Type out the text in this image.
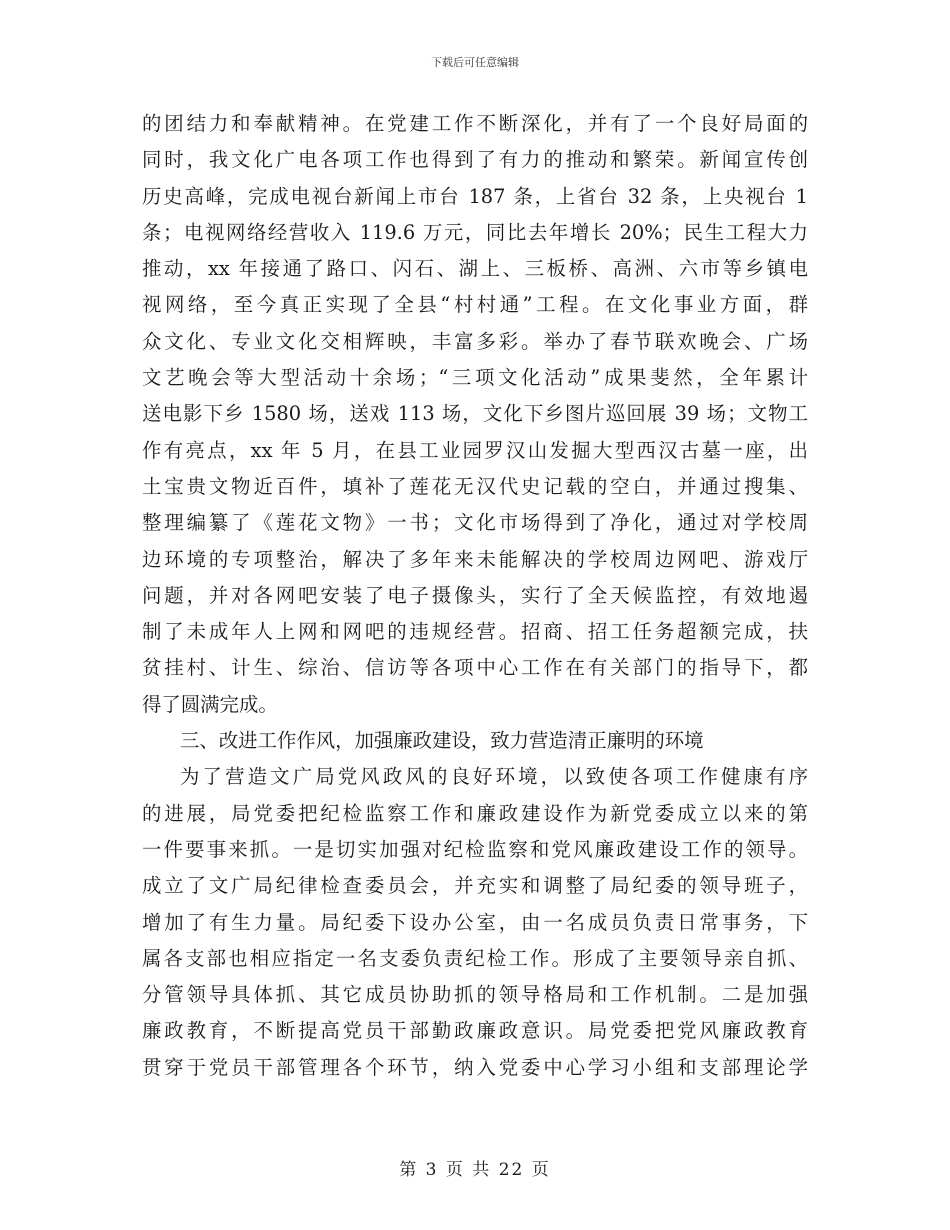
下载后可任意编辑
的团结力和奉献精神。在党建工作不断深化，并有了一个良好局面的
同时，我文化广电各项工作也得到了有力的推动和繁荣。新闻宣传创
历史高峰，完成电视台新闻上市台 187 条，上省台 32 条，上央视台 1
条；电视网络经营收入 119.6 万元，同比去年增长 20%；民生工程大力
推动，xx 年接通了路口、闪石、湖上、三板桥、高洲、六市等乡镇电
视网络，至今真正实现了全县“村村通”工程。在文化事业方面，群
众文化、专业文化交相辉映，丰富多彩。举办了春节联欢晚会、广场
文艺晚会等大型活动十余场；“三项文化活动”成果斐然，全年累计
送电影下乡 1580 场，送戏 113 场，文化下乡图片巡回展 39 场；文物工
作有亮点，xx 年 5 月，在县工业园罗汉山发掘大型西汉古墓一座，出
土宝贵文物近百件，填补了莲花无汉代史记载的空白，并通过搜集、
整理编纂了《莲花文物》一书；文化市场得到了净化，通过对学校周
边环境的专项整治，解决了多年来未能解决的学校周边网吧、游戏厅
问题，并对各网吧安装了电子摄像头，实行了全天候监控，有效地遏
制了未成年人上网和网吧的违规经营。招商、招工任务超额完成，扶
贫挂村、计生、综治、信访等各项中心工作在有关部门的指导下，都
得了圆满完成。
三、改进工作作风，加强廉政建设，致力营造清正廉明的环境
为了营造文广局党风政风的良好环境，以致使各项工作健康有序
的进展，局党委把纪检监察工作和廉政建设作为新党委成立以来的第
一件要事来抓。一是切实加强对纪检监察和党风廉政建设工作的领导。
成立了文广局纪律检查委员会，并充实和调整了局纪委的领导班子，
增加了有生力量。局纪委下设办公室，由一名成员负责日常事务，下
属各支部也相应指定一名支委负责纪检工作。形成了主要领导亲自抓、
分管领导具体抓、其它成员协助抓的领导格局和工作机制。二是加强
廉政教育，不断提高党员干部勤政廉政意识。局党委把党风廉政教育
贯穿于党员干部管理各个环节，纳入党委中心学习小组和支部理论学
第 3 页 共 22 页
